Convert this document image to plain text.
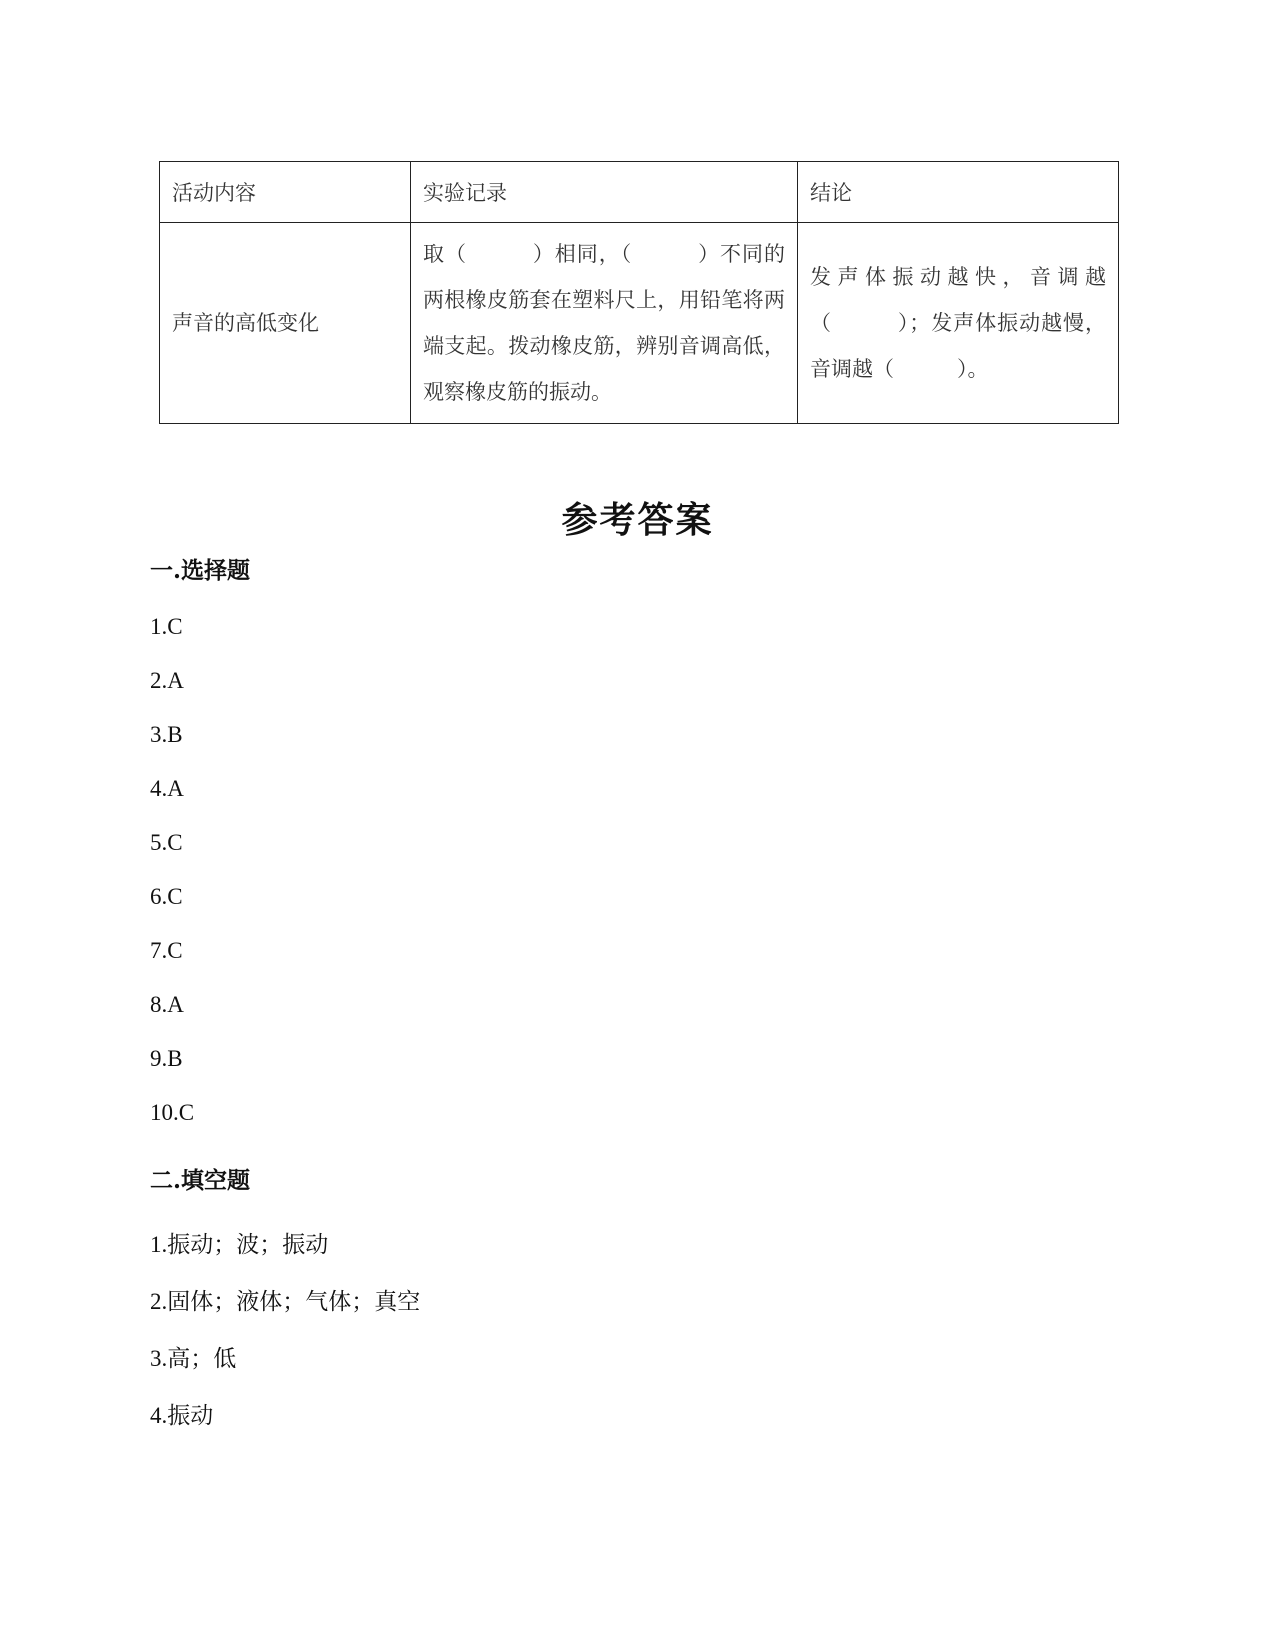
活动内容	实验记录	结论

声音的高低变化	取（　　　）相同，（　　　）不同的两根橡皮筋套在塑料尺上，用铅笔将两端支起。拨动橡皮筋，辨别音调高低，观察橡皮筋的振动。	发声体振动越快，音调越（　　　）；发声体振动越慢，音调越（　　　）。
参考答案
一.选择题
1.C
2.A
3.B
4.A
5.C
6.C
7.C
8.A
9.B
10.C
二.填空题
1.振动；波；振动
2.固体；液体；气体；真空
3.高；低
4.振动
